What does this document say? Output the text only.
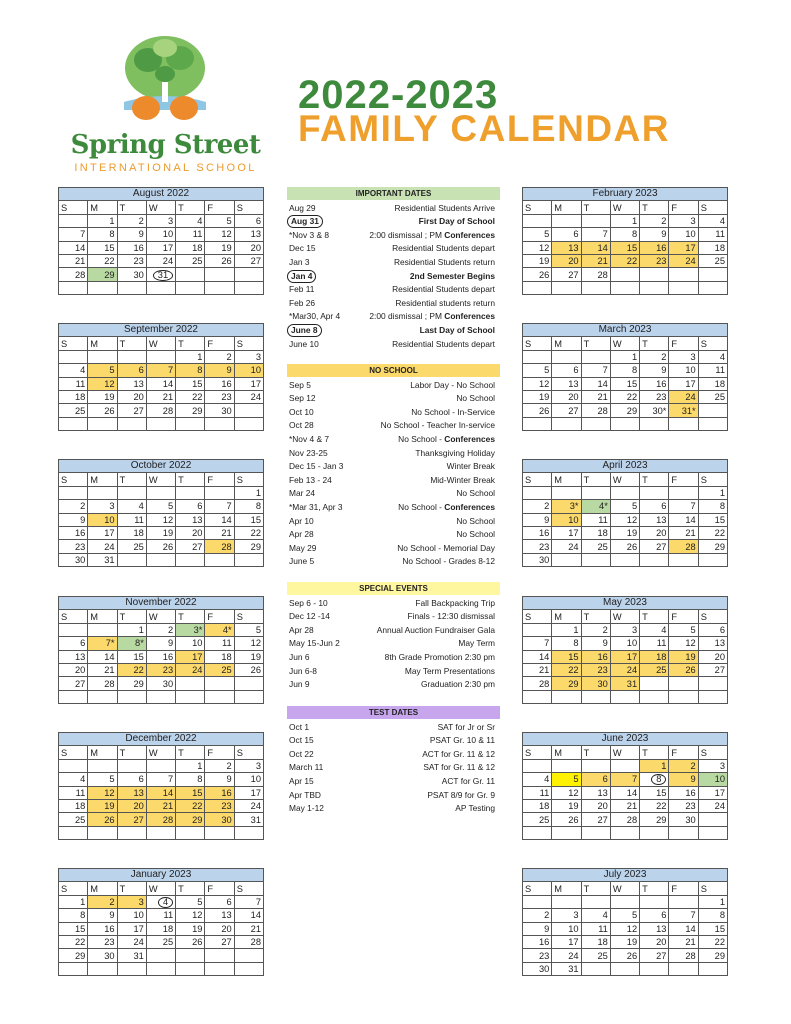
Spring Street
INTERNATIONAL SCHOOL
2022-2023
FAMILY CALENDAR
August 2022						
S	M	T	W	T	F	S
	1	2	3	4	5	6
7	8	9	10	11	12	13
14	15	16	17	18	19	20
21	22	23	24	25	26	27
28	29	30	31			

September 2022						
S	M	T	W	T	F	S
				1	2	3
4	5	6	7	8	9	10
11	12	13	14	15	16	17
18	19	20	21	22	23	24
25	26	27	28	29	30	

October 2022						
S	M	T	W	T	F	S
						1
2	3	4	5	6	7	8
9	10	11	12	13	14	15
16	17	18	19	20	21	22
23	24	25	26	27	28	29
30	31					
November 2022						
S	M	T	W	T	F	S
		1	2	3*	4*	5
6	7*	8*	9	10	11	12
13	14	15	16	17	18	19
20	21	22	23	24	25	26
27	28	29	30			

December 2022						
S	M	T	W	T	F	S
				1	2	3
4	5	6	7	8	9	10
11	12	13	14	15	16	17
18	19	20	21	22	23	24
25	26	27	28	29	30	31

January 2023						
S	M	T	W	T	F	S
1	2	3	4	5	6	7
8	9	10	11	12	13	14
15	16	17	18	19	20	21
22	23	24	25	26	27	28
29	30	31				

February 2023						
S	M	T	W	T	F	S
			1	2	3	4
5	6	7	8	9	10	11
12	13	14	15	16	17	18
19	20	21	22	23	24	25
26	27	28				

March 2023						
S	M	T	W	T	F	S
			1	2	3	4
5	6	7	8	9	10	11
12	13	14	15	16	17	18
19	20	21	22	23	24	25
26	27	28	29	30*	31*	

April 2023						
S	M	T	W	T	F	S
						1
2	3*	4*	5	6	7	8
9	10	11	12	13	14	15
16	17	18	19	20	21	22
23	24	25	26	27	28	29
30						
May 2023						
S	M	T	W	T	F	S
	1	2	3	4	5	6
7	8	9	10	11	12	13
14	15	16	17	18	19	20
21	22	23	24	25	26	27
28	29	30	31			

June 2023						
S	M	T	W	T	F	S
				1	2	3
4	5	6	7	8	9	10
11	12	13	14	15	16	17
18	19	20	21	22	23	24
25	26	27	28	29	30	

July 2023						
S	M	T	W	T	F	S
						1
2	3	4	5	6	7	8
9	10	11	12	13	14	15
16	17	18	19	20	21	22
23	24	25	26	27	28	29
30	31					
IMPORTANT DATES
Aug 29	Residential Students Arrive
Aug 31	First Day of School
*Nov 3 & 8	2:00 dismissal ; PM Conferences
Dec 15	Residential Students depart
Jan 3	Residential Students return
Jan 4	2nd Semester Begins
Feb 11	Residential Students depart
Feb 26	Residential students return
*Mar30, Apr 4	2:00 dismissal ; PM Conferences
June 8	Last Day of School
June 10	Residential Students depart
NO SCHOOL
Sep 5	Labor Day - No School
Sep 12	No School
Oct 10	No School - In-Service
Oct 28	No School - Teacher In-service
*Nov 4 & 7	No School - Conferences
Nov 23-25	Thanksgiving Holiday
Dec 15 - Jan 3	Winter Break
Feb 13 - 24	Mid-Winter Break
Mar 24	No School
*Mar 31, Apr 3	No School - Conferences
Apr 10	No School
Apr 28	No School
May 29	No School - Memorial Day
June 5	No School - Grades 8-12
SPECIAL EVENTS
Sep 6 - 10	Fall Backpacking Trip
Dec 12 -14	Finals - 12:30 dismissal
Apr 28	Annual Auction Fundraiser Gala
May 15-Jun 2	May Term
Jun 6	8th Grade Promotion 2:30 pm
Jun 6-8	May Term Presentations
Jun 9	Graduation 2:30 pm
TEST DATES
Oct 1	SAT for Jr or Sr
Oct 15	PSAT Gr. 10 & 11
Oct 22	ACT for Gr. 11 & 12
March 11	SAT for Gr. 11 & 12
Apr 15	ACT for Gr. 11
Apr TBD	PSAT 8/9 for Gr. 9
May 1-12	AP Testing
